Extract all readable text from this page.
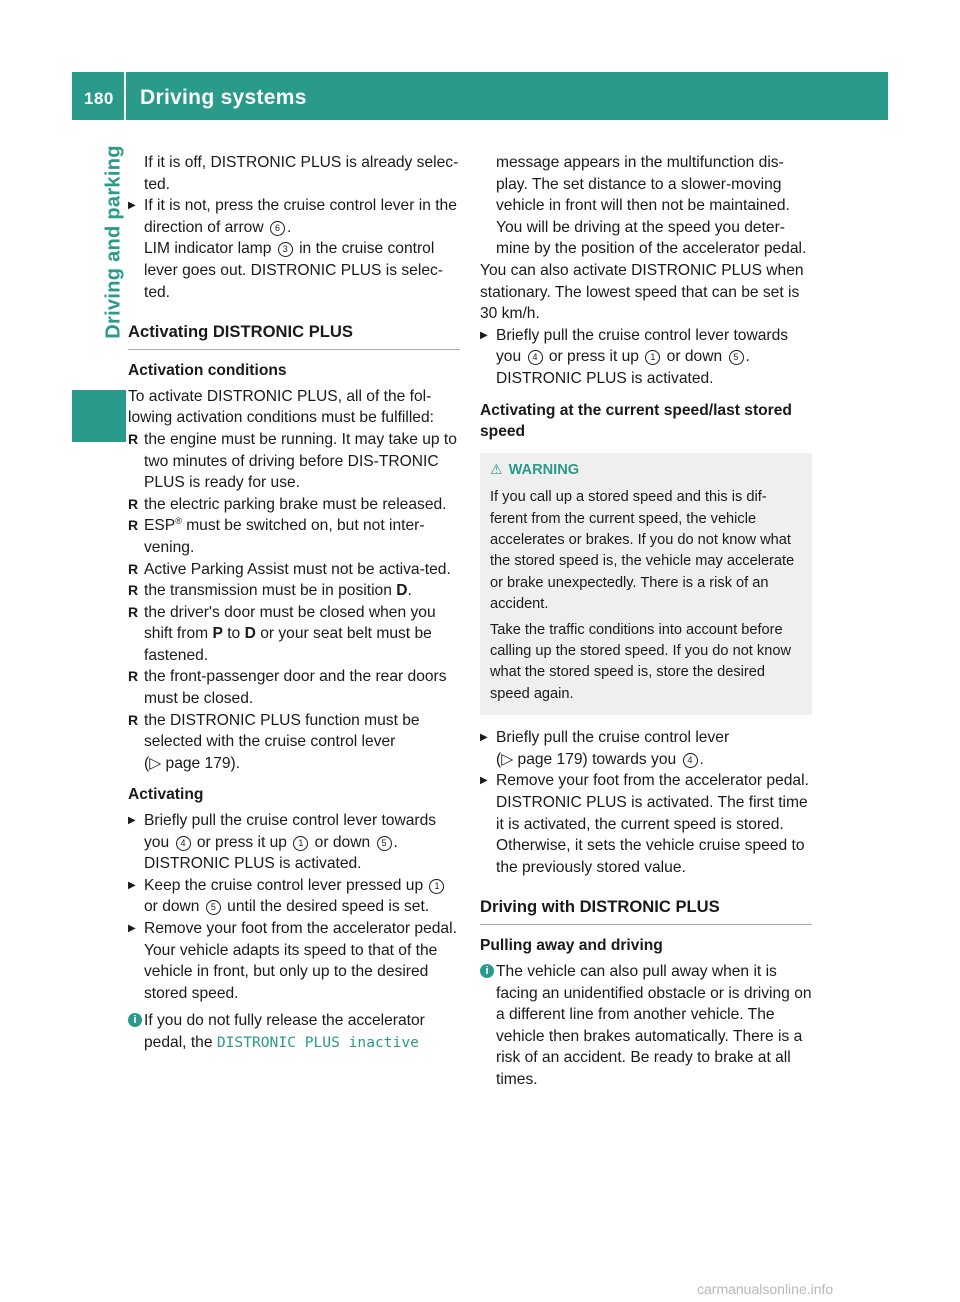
180 Driving systems
Driving and parking	If it is off, DISTRONIC PLUS is already selec-ted.

▶ If it is not, press the cruise control lever in the direction of arrow 6 .
LIM indicator lamp 3 in the cruise control lever goes out. DISTRONIC PLUS is selec-ted.

Activating DISTRONIC PLUS
Activation conditions

To activate DISTRONIC PLUS, all of the fol-lowing activation conditions must be fulfilled:

R the engine must be running. It may take up to two minutes of driving before DIS-TRONIC PLUS is ready for use.

R the electric parking brake must be released.

R ESP® must be switched on, but not inter-vening.

R Active Parking Assist must not be activa-ted.

R the transmission must be in position D.

R the driver's door must be closed when you shift from P to D or your seat belt must be fastened.

R the front-passenger door and the rear doors must be closed.

R the DISTRONIC PLUS function must be selected with the cruise control lever
(▷ page 179).

Activating

▶ Briefly pull the cruise control lever towards you 4 or press it up 1 or down 5 .
DISTRONIC PLUS is activated.

▶ Keep the cruise control lever pressed up 1 or down 5 until the desired speed is set.

▶ Remove your foot from the accelerator pedal.
Your vehicle adapts its speed to that of the vehicle in front, but only up to the desired stored speed.

i If you do not fully release the accelerator pedal, the DISTRONIC PLUS inactive

message appears in the multifunction dis-play. The set distance to a slower-moving vehicle in front will then not be maintained. You will be driving at the speed you deter-mine by the position of the accelerator pedal.

You can also activate DISTRONIC PLUS when stationary. The lowest speed that can be set is 30 km/h.

▶ Briefly pull the cruise control lever towards you 4 or press it up 1 or down 5 .
DISTRONIC PLUS is activated.

Activating at the current speed/last stored speed
⚠ WARNING

If you call up a stored speed and this is dif-ferent from the current speed, the vehicle accelerates or brakes. If you do not know what the stored speed is, the vehicle may accelerate or brake unexpectedly. There is a risk of an accident.

Take the traffic conditions into account before calling up the stored speed. If you do not know what the stored speed is, store the desired speed again.

▶ Briefly pull the cruise control lever
(▷ page 179) towards you 4 .

▶ Remove your foot from the accelerator pedal.
DISTRONIC PLUS is activated. The first time it is activated, the current speed is stored. Otherwise, it sets the vehicle cruise speed to the previously stored value.

Driving with DISTRONIC PLUS
Pulling away and driving

i The vehicle can also pull away when it is facing an unidentified obstacle or is driving on a different line from another vehicle. The vehicle then brakes automatically. There is a risk of an accident. Be ready to brake at all times.

carmanualsonline.info
